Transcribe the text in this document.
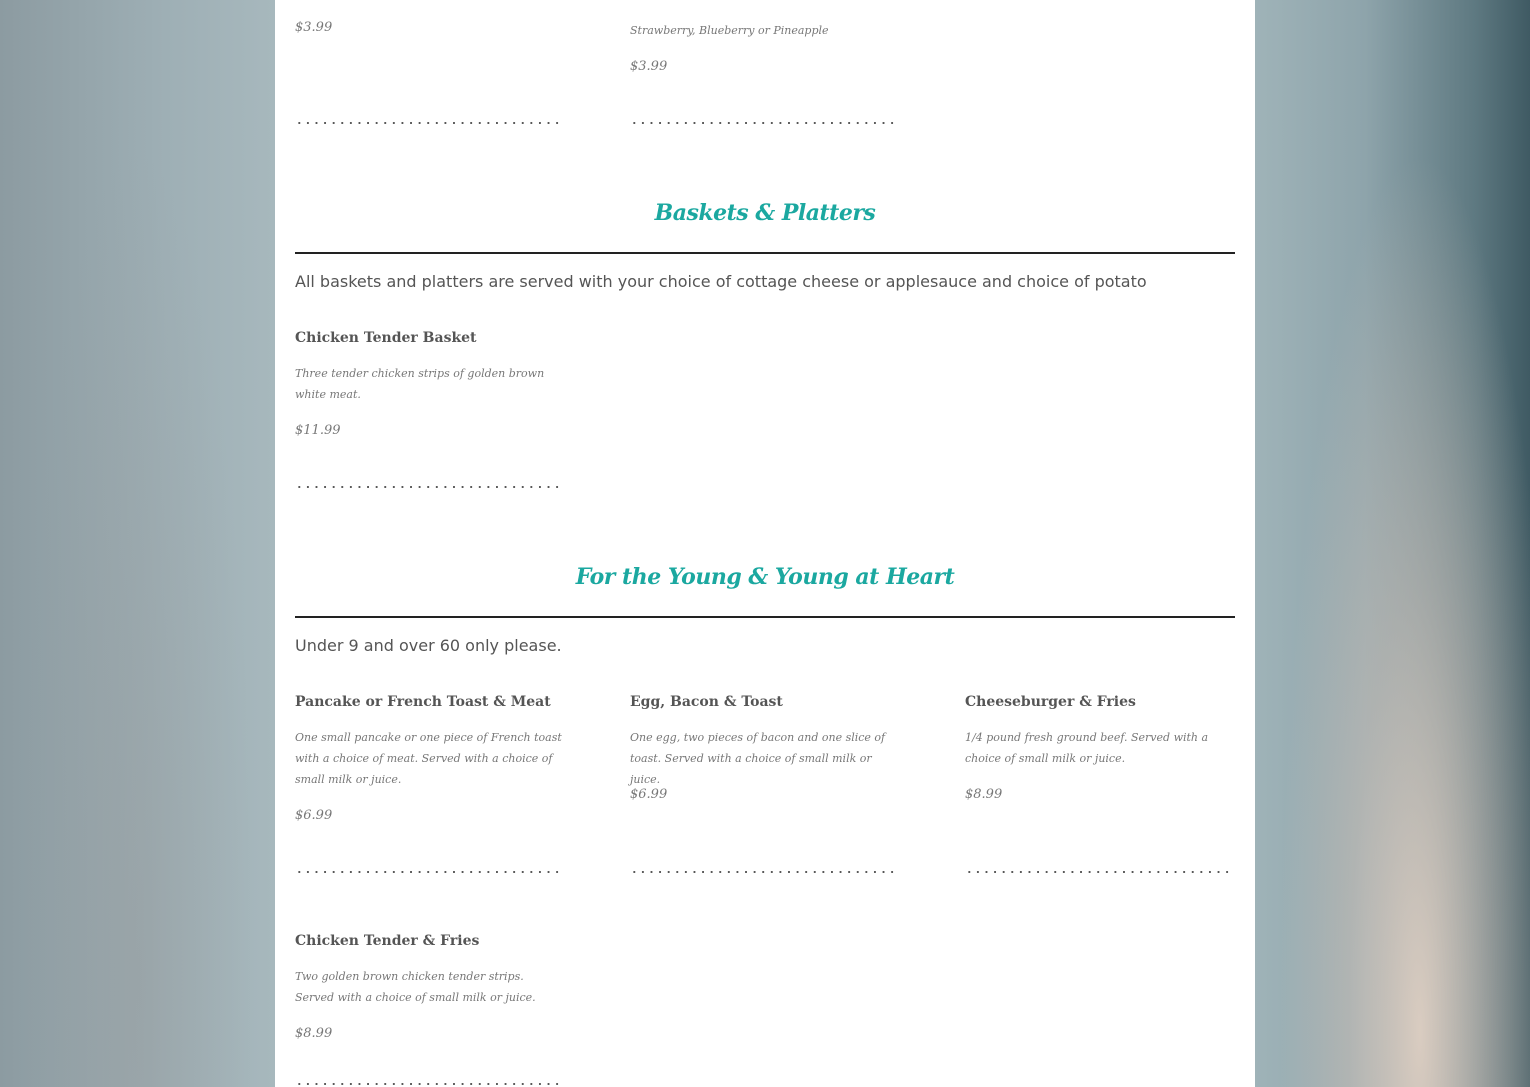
$3.99	Strawberry, Blueberry or Pineapple
$3.99
Baskets & Platters
All baskets and platters are served with your choice of cottage cheese or applesauce and choice of potato
Chicken Tender Basket
Three tender chicken strips of golden brown white meat.
$11.99
For the Young & Young at Heart
Under 9 and over 60 only please.
Pancake or French Toast & Meat
One small pancake or one piece of French toast with a choice of meat. Served with a choice of small milk or juice.
$6.99
Egg, Bacon & Toast
One egg, two pieces of bacon and one slice of toast. Served with a choice of small milk or juice.
$6.99
Cheeseburger & Fries
1/4 pound fresh ground beef. Served with a choice of small milk or juice.
$8.99
Chicken Tender & Fries
Two golden brown chicken tender strips. Served with a choice of small milk or juice.
$8.99
